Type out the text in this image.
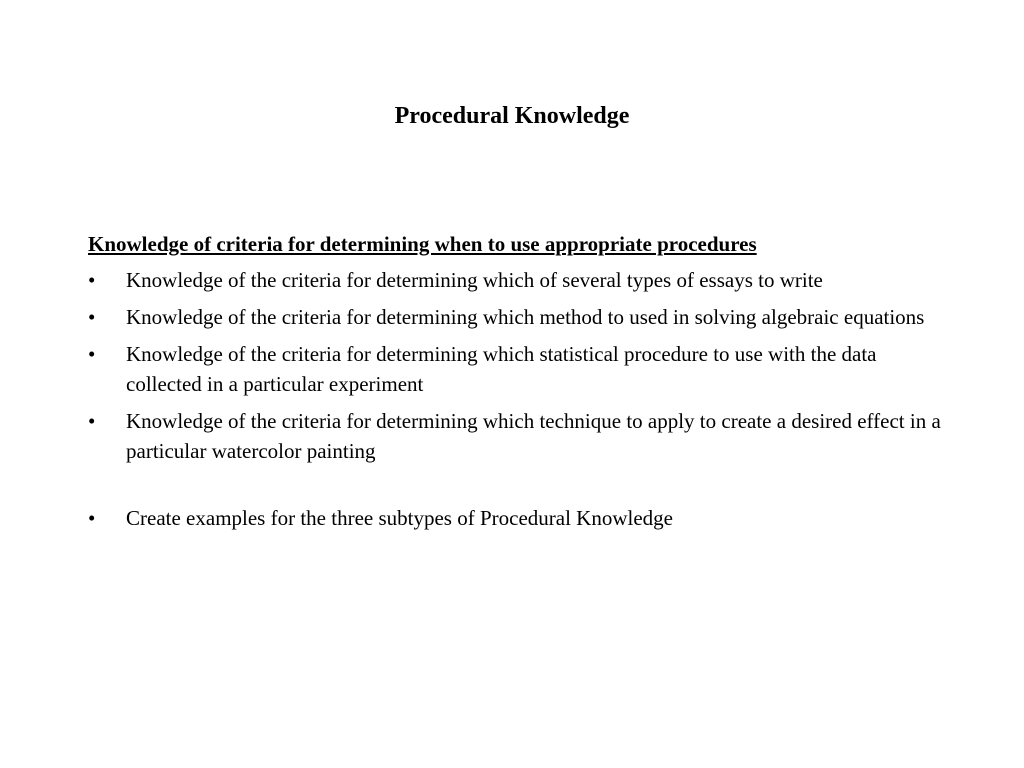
Procedural Knowledge
Knowledge of criteria for determining when to use appropriate procedures
• Knowledge of the criteria for determining which of several types of essays to write
• Knowledge of the criteria for determining which method to used in solving algebraic equations
• Knowledge of the criteria for determining which statistical procedure to use with the data collected in a particular experiment
• Knowledge of the criteria for determining which technique to apply to create a desired effect in a particular watercolor painting
• Create examples for the three subtypes of Procedural Knowledge
